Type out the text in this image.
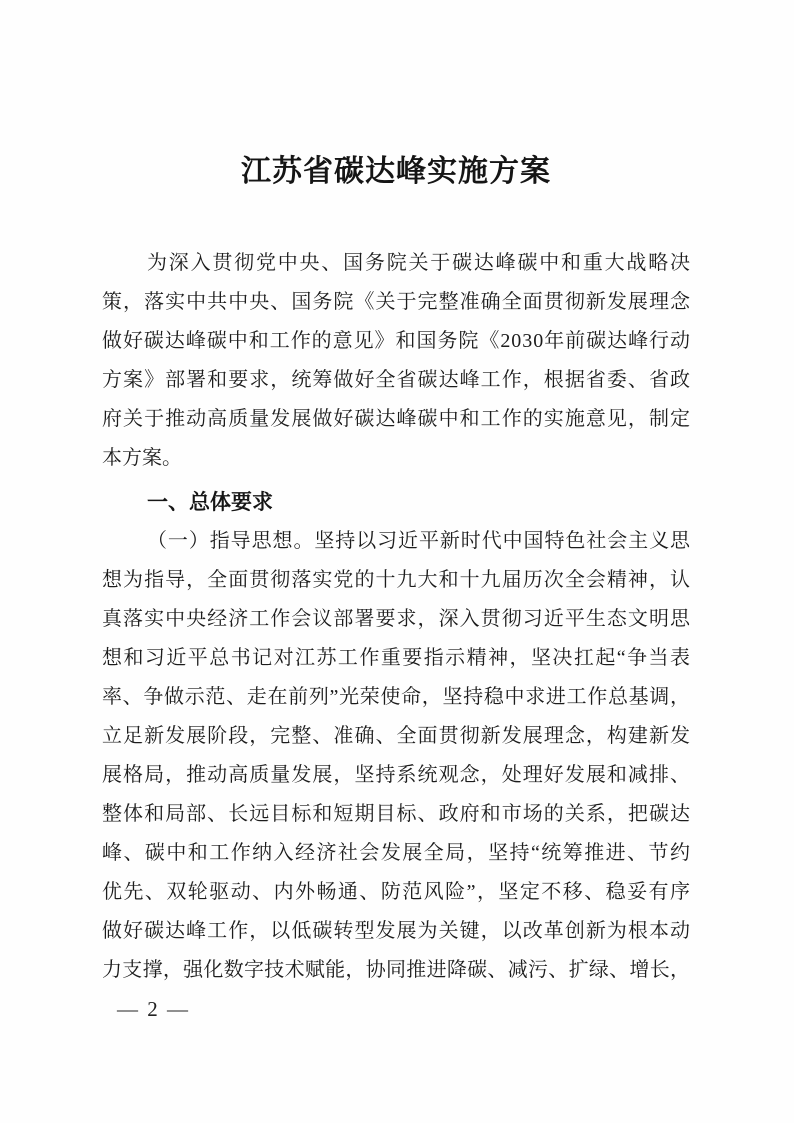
江苏省碳达峰实施方案
为深入贯彻党中央、国务院关于碳达峰碳中和重大战略决
策，落实中共中央、国务院《关于完整准确全面贯彻新发展理念
做好碳达峰碳中和工作的意见》和国务院《2030年前碳达峰行动
方案》部署和要求，统筹做好全省碳达峰工作，根据省委、省政
府关于推动高质量发展做好碳达峰碳中和工作的实施意见，制定
本方案。
一、总体要求
（一）指导思想。坚持以习近平新时代中国特色社会主义思
想为指导，全面贯彻落实党的十九大和十九届历次全会精神，认
真落实中央经济工作会议部署要求，深入贯彻习近平生态文明思
想和习近平总书记对江苏工作重要指示精神，坚决扛起“争当表
率、争做示范、走在前列”光荣使命，坚持稳中求进工作总基调，
立足新发展阶段，完整、准确、全面贯彻新发展理念，构建新发
展格局，推动高质量发展，坚持系统观念，处理好发展和减排、
整体和局部、长远目标和短期目标、政府和市场的关系，把碳达
峰、碳中和工作纳入经济社会发展全局，坚持“统筹推进、节约
优先、双轮驱动、内外畅通、防范风险”，坚定不移、稳妥有序
做好碳达峰工作，以低碳转型发展为关键，以改革创新为根本动
力支撑，强化数字技术赋能，协同推进降碳、减污、扩绿、增长，
— 2 —
